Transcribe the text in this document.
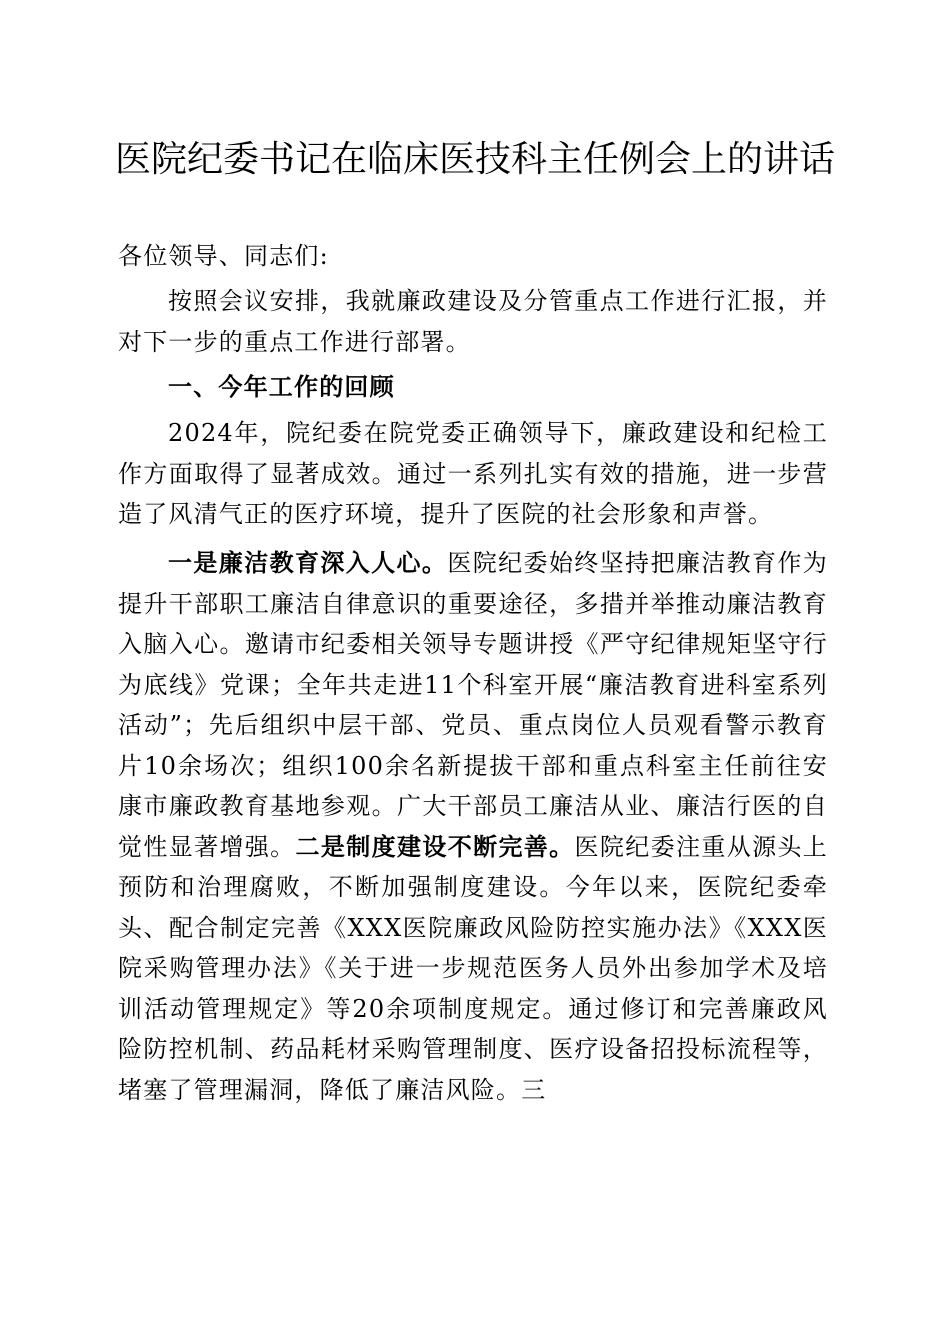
医院纪委书记在临床医技科主任例会上的讲话
各位领导、同志们:
按照会议安排，我就廉政建设及分管重点工作进行汇报，并对下一步的重点工作进行部署。
一、今年工作的回顾
2024年，院纪委在院党委正确领导下，廉政建设和纪检工作方面取得了显著成效。通过一系列扎实有效的措施，进一步营造了风清气正的医疗环境，提升了医院的社会形象和声誉。
一是廉洁教育深入人心。医院纪委始终坚持把廉洁教育作为提升干部职工廉洁自律意识的重要途径，多措并举推动廉洁教育入脑入心。邀请市纪委相关领导专题讲授《严守纪律规矩坚守行为底线》党课；全年共走进11个科室开展“廉洁教育进科室系列活动”；先后组织中层干部、党员、重点岗位人员观看警示教育片10余场次；组织100余名新提拔干部和重点科室主任前往安康市廉政教育基地参观。广大干部员工廉洁从业、廉洁行医的自觉性显著增强。二是制度建设不断完善。医院纪委注重从源头上预防和治理腐败，不断加强制度建设。今年以来，医院纪委牵头、配合制定完善《XXX医院廉政风险防控实施办法》《XXX医院采购管理办法》《关于进一步规范医务人员外出参加学术及培训活动管理规定》等20余项制度规定。通过修订和完善廉政风险防控机制、药品耗材采购管理制度、医疗设备招投标流程等，堵塞了管理漏洞，降低了廉洁风险。三
